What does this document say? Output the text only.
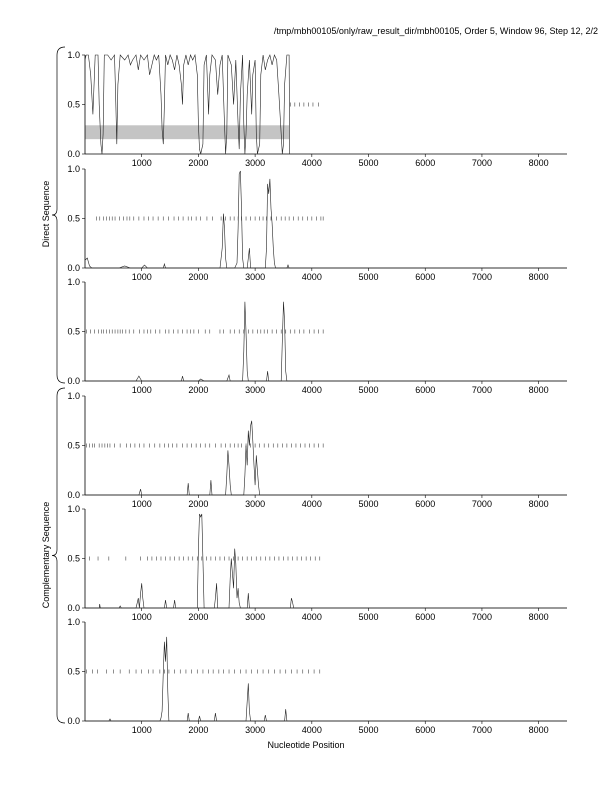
/tmp/mbh00105/only/raw_result_dir/mbh00105, Order 5, Window 96, Step 12, 2/2
0.0
0.5
1.0
1000	2000	3000	4000	5000	6000	7000	8000
0.0
0.5
1.0
1000	2000	3000	4000	5000	6000	7000	8000
0.0
0.5
1.0
1000	2000	3000	4000	5000	6000	7000	8000
0.0
0.5
1.0
1000	2000	3000	4000	5000	6000	7000	8000
0.0
0.5
1.0
1000	2000	3000	4000	5000	6000	7000	8000
0.0
0.5
1.0
1000	2000	3000	4000	5000	6000	7000	8000
Direct Sequence
Complementary Sequence
Nucleotide Position
